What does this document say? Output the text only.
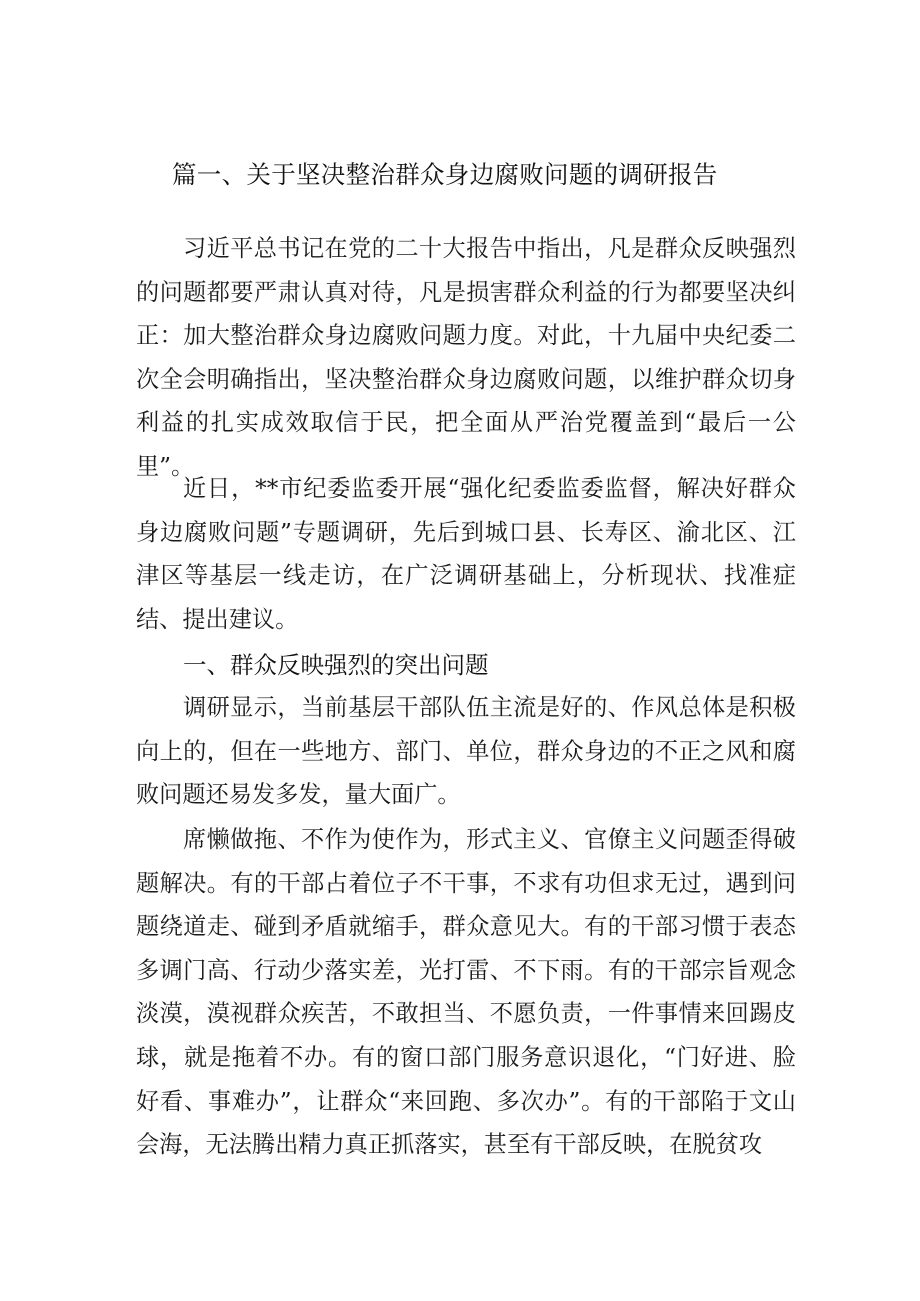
篇一、关于坚决整治群众身边腐败问题的调研报告

习近平总书记在党的二十大报告中指出，凡是群众反映强烈的问题都要严肃认真对待，凡是损害群众利益的行为都要坚决纠正：加大整治群众身边腐败问题力度。对此，十九届中央纪委二次全会明确指出，坚决整治群众身边腐败问题，以维护群众切身利益的扎实成效取信于民，把全面从严治党覆盖到“最后一公里”。

近日，**市纪委监委开展“强化纪委监委监督，解决好群众身边腐败问题”专题调研，先后到城口县、长寿区、渝北区、江津区等基层一线走访，在广泛调研基础上，分析现状、找准症结、提出建议。

一、群众反映强烈的突出问题

调研显示，当前基层干部队伍主流是好的、作风总体是积极向上的，但在一些地方、部门、单位，群众身边的不正之风和腐败问题还易发多发，量大面广。

席懒做拖、不作为使作为，形式主义、官僚主义问题歪得破题解决。有的干部占着位子不干事，不求有功但求无过，遇到问题绕道走、碰到矛盾就缩手，群众意见大。有的干部习惯于表态多调门高、行动少落实差，光打雷、不下雨。有的干部宗旨观念淡漠，漠视群众疾苦，不敢担当、不愿负责，一件事情来回踢皮球，就是拖着不办。有的窗口部门服务意识退化，“门好进、脸好看、事难办”，让群众“来回跑、多次办”。有的干部陷于文山会海，无法腾出精力真正抓落实，甚至有干部反映，在脱贫攻
